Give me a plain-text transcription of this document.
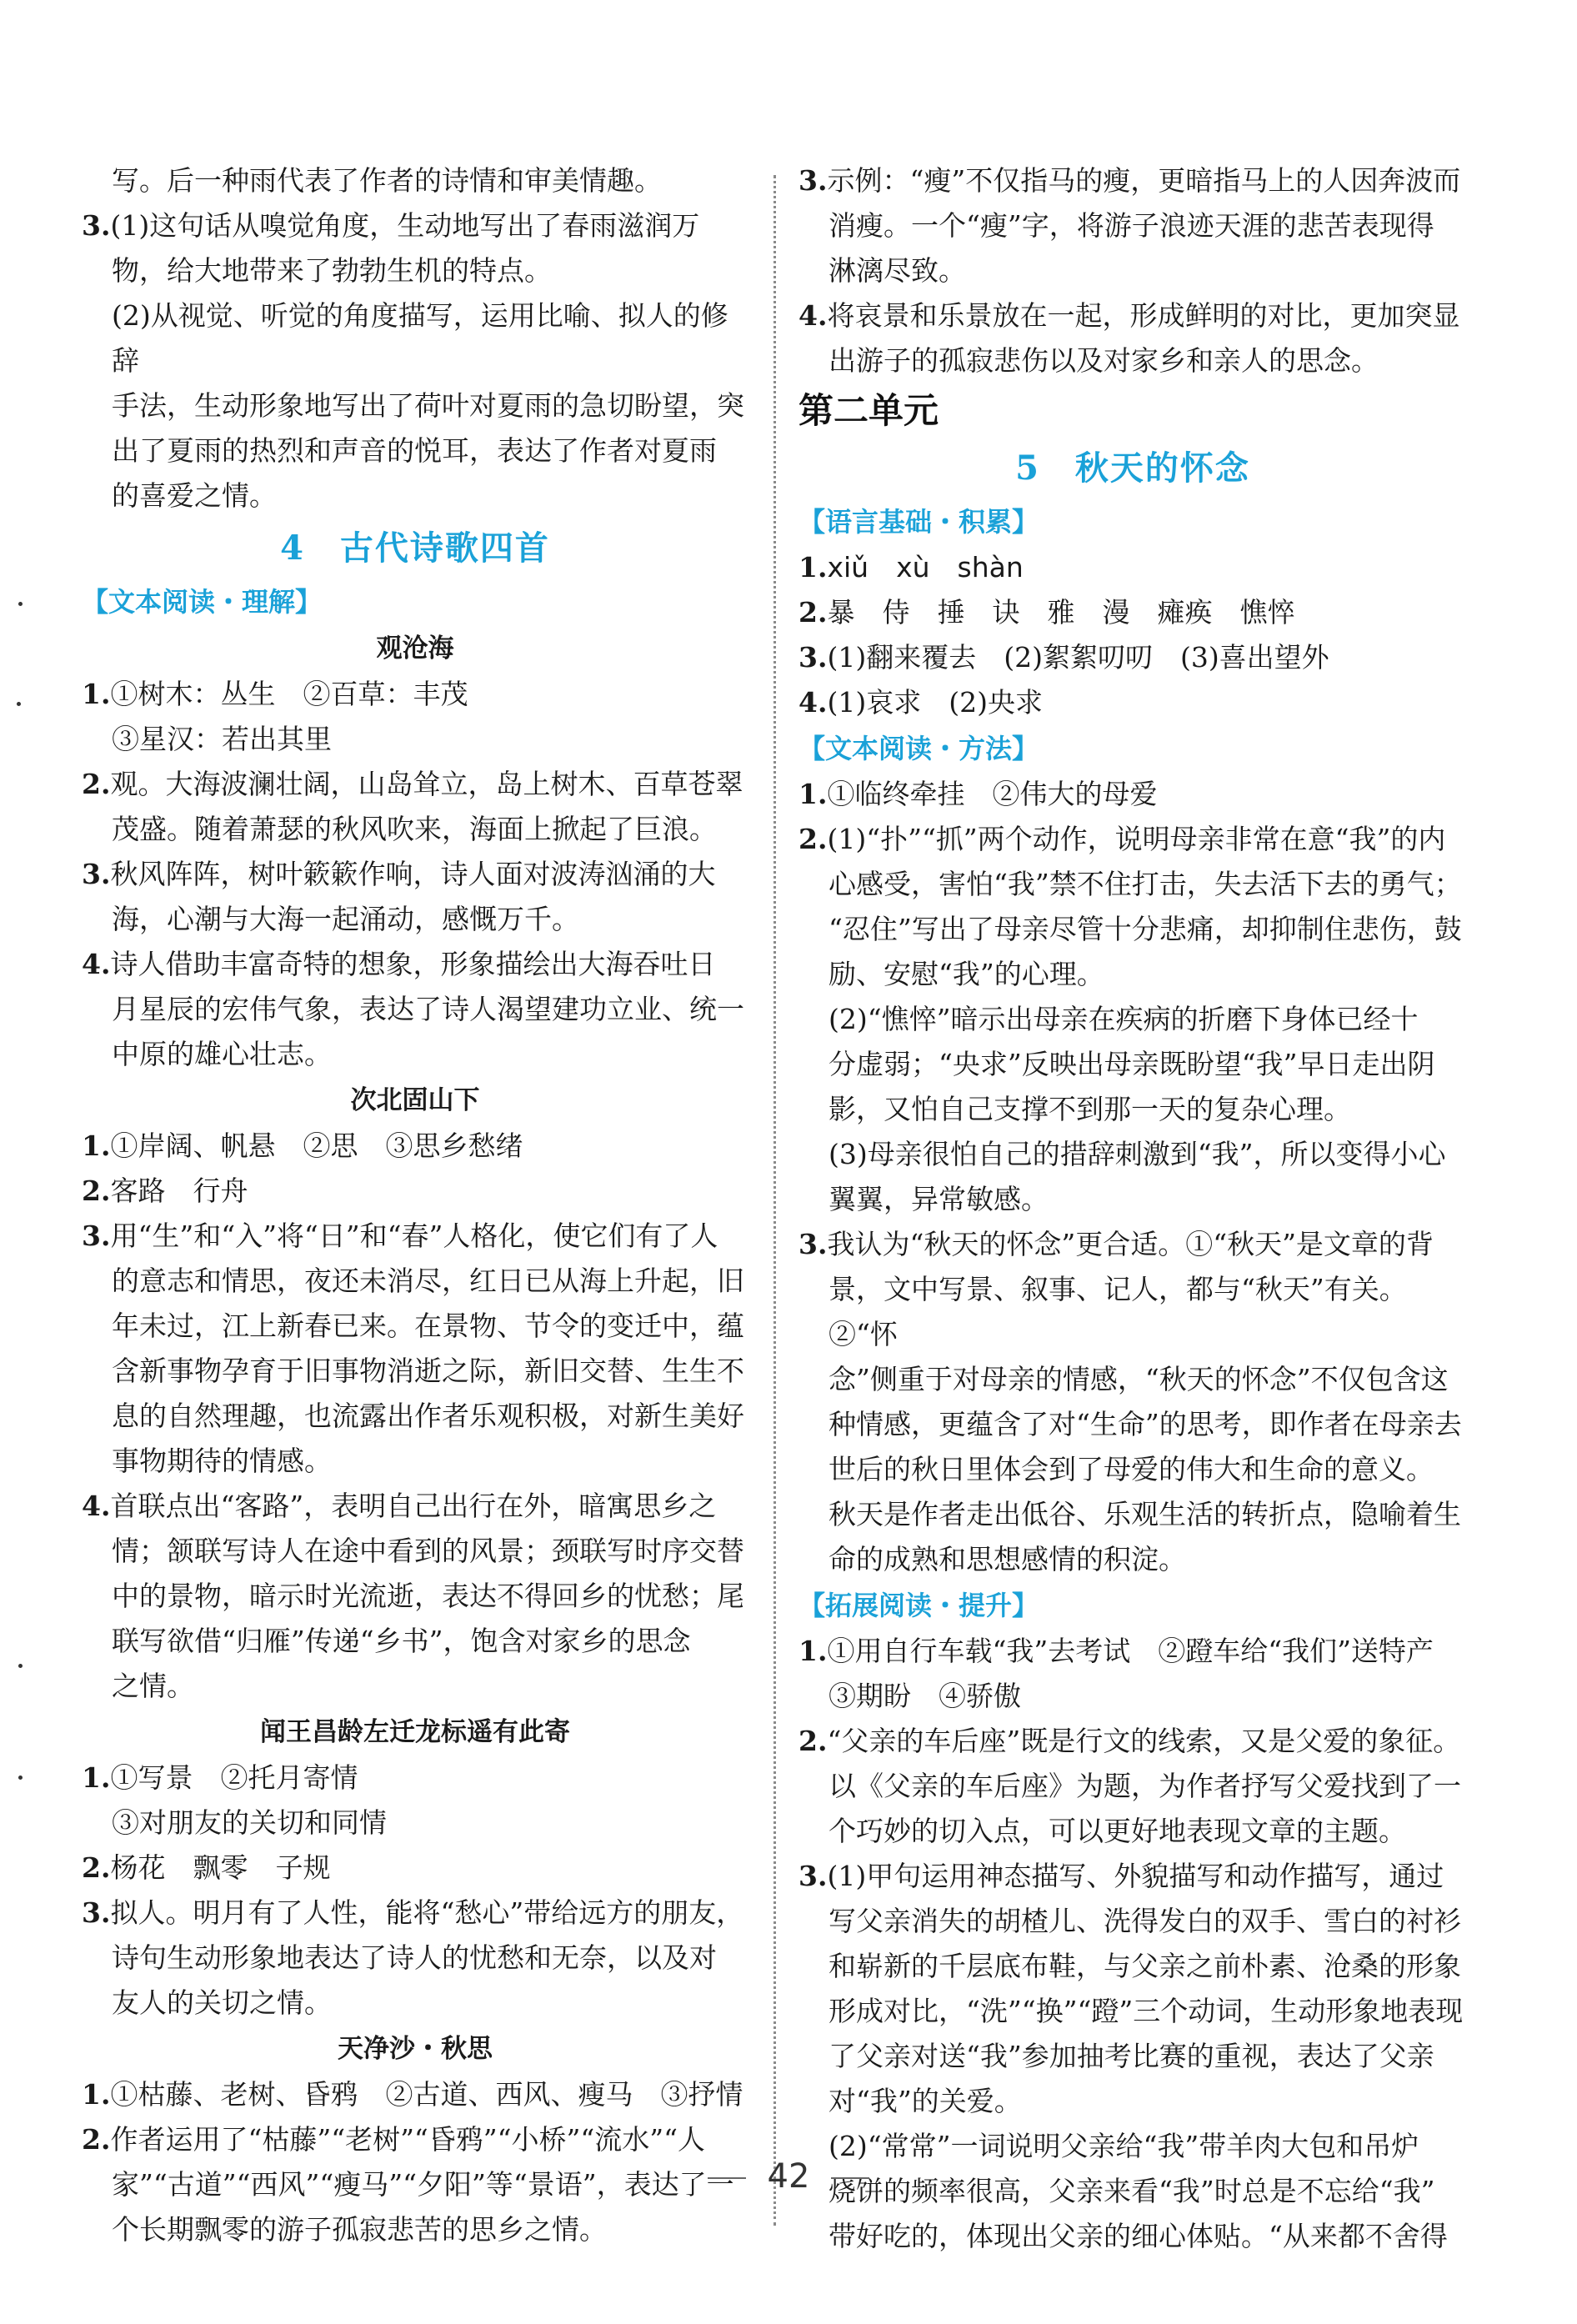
写。后一种雨代表了作者的诗情和审美情趣。

3.(1)这句话从嗅觉角度，生动地写出了春雨滋润万

物，给大地带来了勃勃生机的特点。

(2)从视觉、听觉的角度描写，运用比喻、拟人的修辞

手法，生动形象地写出了荷叶对夏雨的急切盼望，突

出了夏雨的热烈和声音的悦耳，表达了作者对夏雨

的喜爱之情。

4　古代诗歌四首

【文本阅读・理解】

观沧海

1.①树木：丛生　②百草：丰茂

③星汉：若出其里

2.观。大海波澜壮阔，山岛耸立，岛上树木、百草苍翠

茂盛。随着萧瑟的秋风吹来，海面上掀起了巨浪。

3.秋风阵阵，树叶簌簌作响，诗人面对波涛汹涌的大

海，心潮与大海一起涌动，感慨万千。

4.诗人借助丰富奇特的想象，形象描绘出大海吞吐日

月星辰的宏伟气象，表达了诗人渴望建功立业、统一

中原的雄心壮志。

次北固山下

1.①岸阔、帆悬　②思　③思乡愁绪

2.客路　行舟

3.用“生”和“入”将“日”和“春”人格化，使它们有了人

的意志和情思，夜还未消尽，红日已从海上升起，旧

年未过，江上新春已来。在景物、节令的变迁中，蕴

含新事物孕育于旧事物消逝之际，新旧交替、生生不

息的自然理趣，也流露出作者乐观积极，对新生美好

事物期待的情感。

4.首联点出“客路”，表明自己出行在外，暗寓思乡之

情；颔联写诗人在途中看到的风景；颈联写时序交替

中的景物，暗示时光流逝，表达不得回乡的忧愁；尾

联写欲借“归雁”传递“乡书”，饱含对家乡的思念

之情。

闻王昌龄左迁龙标遥有此寄

1.①写景　②托月寄情

③对朋友的关切和同情

2.杨花　飘零　子规

3.拟人。明月有了人性，能将“愁心”带给远方的朋友，

诗句生动形象地表达了诗人的忧愁和无奈，以及对

友人的关切之情。

天净沙・秋思

1.①枯藤、老树、昏鸦　②古道、西风、瘦马　③抒情

2.作者运用了“枯藤”“老树”“昏鸦”“小桥”“流水”“人

家”“古道”“西风”“瘦马”“夕阳”等“景语”，表达了一

个长期飘零的游子孤寂悲苦的思乡之情。

3.示例：“瘦”不仅指马的瘦，更暗指马上的人因奔波而

消瘦。一个“瘦”字，将游子浪迹天涯的悲苦表现得

淋漓尽致。

4.将哀景和乐景放在一起，形成鲜明的对比，更加突显

出游子的孤寂悲伤以及对家乡和亲人的思念。

第二单元

5　秋天的怀念

【语言基础・积累】

1.xiǔ　xù　shàn

2.暴　侍　捶　诀　雅　漫　瘫痪　憔悴

3.(1)翻来覆去　(2)絮絮叨叨　(3)喜出望外

4.(1)哀求　(2)央求

【文本阅读・方法】

1.①临终牵挂　②伟大的母爱

2.(1)“扑”“抓”两个动作，说明母亲非常在意“我”的内

心感受，害怕“我”禁不住打击，失去活下去的勇气；

“忍住”写出了母亲尽管十分悲痛，却抑制住悲伤，鼓

励、安慰“我”的心理。

(2)“憔悴”暗示出母亲在疾病的折磨下身体已经十

分虚弱；“央求”反映出母亲既盼望“我”早日走出阴

影，又怕自己支撑不到那一天的复杂心理。

(3)母亲很怕自己的措辞刺激到“我”，所以变得小心

翼翼，异常敏感。

3.我认为“秋天的怀念”更合适。①“秋天”是文章的背

景，文中写景、叙事、记人，都与“秋天”有关。②“怀

念”侧重于对母亲的情感，“秋天的怀念”不仅包含这

种情感，更蕴含了对“生命”的思考，即作者在母亲去

世后的秋日里体会到了母爱的伟大和生命的意义。

秋天是作者走出低谷、乐观生活的转折点，隐喻着生

命的成熟和思想感情的积淀。

【拓展阅读・提升】

1.①用自行车载“我”去考试　②蹬车给“我们”送特产

③期盼　④骄傲

2.“父亲的车后座”既是行文的线索，又是父爱的象征。

以《父亲的车后座》为题，为作者抒写父爱找到了一

个巧妙的切入点，可以更好地表现文章的主题。

3.(1)甲句运用神态描写、外貌描写和动作描写，通过

写父亲消失的胡楂儿、洗得发白的双手、雪白的衬衫

和崭新的千层底布鞋，与父亲之前朴素、沧桑的形象

形成对比，“洗”“换”“蹬”三个动词，生动形象地表现

了父亲对送“我”参加抽考比赛的重视，表达了父亲

对“我”的关爱。

(2)“常常”一词说明父亲给“我”带羊肉大包和吊炉

烧饼的频率很高，父亲来看“我”时总是不忘给“我”

带好吃的，体现出父亲的细心体贴。“从来都不舍得

42
